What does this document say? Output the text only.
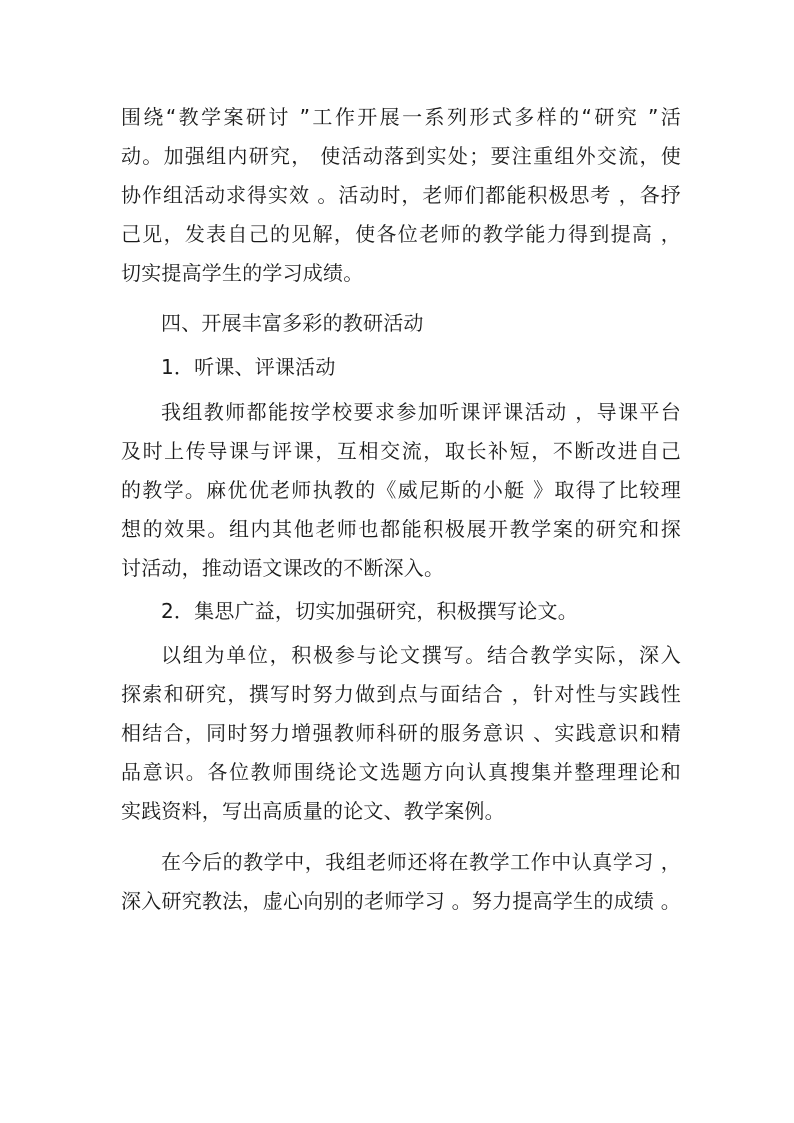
围绕“教学案研讨 ”工作开展一系列形式多样的“研究 ”活
动。加强组内研究， 使活动落到实处；要注重组外交流，使
协作组活动求得实效 。活动时，老师们都能积极思考 ，各抒
己见，发表自己的见解，使各位老师的教学能力得到提高 ，
切实提高学生的学习成绩。
四、开展丰富多彩的教研活动
1．听课、评课活动
我组教师都能按学校要求参加听课评课活动 ，导课平台
及时上传导课与评课，互相交流，取长补短，不断改进自己
的教学。麻优优老师执教的《威尼斯的小艇 》取得了比较理
想的效果。组内其他老师也都能积极展开教学案的研究和探
讨活动，推动语文课改的不断深入。
2．集思广益，切实加强研究，积极撰写论文。
以组为单位，积极参与论文撰写。结合教学实际，深入
探索和研究，撰写时努力做到点与面结合 ，针对性与实践性
相结合，同时努力增强教师科研的服务意识 、实践意识和精
品意识。各位教师围绕论文选题方向认真搜集并整理理论和
实践资料，写出高质量的论文、教学案例。
在今后的教学中，我组老师还将在教学工作中认真学习 ，
深入研究教法，虚心向别的老师学习 。努力提高学生的成绩 。
